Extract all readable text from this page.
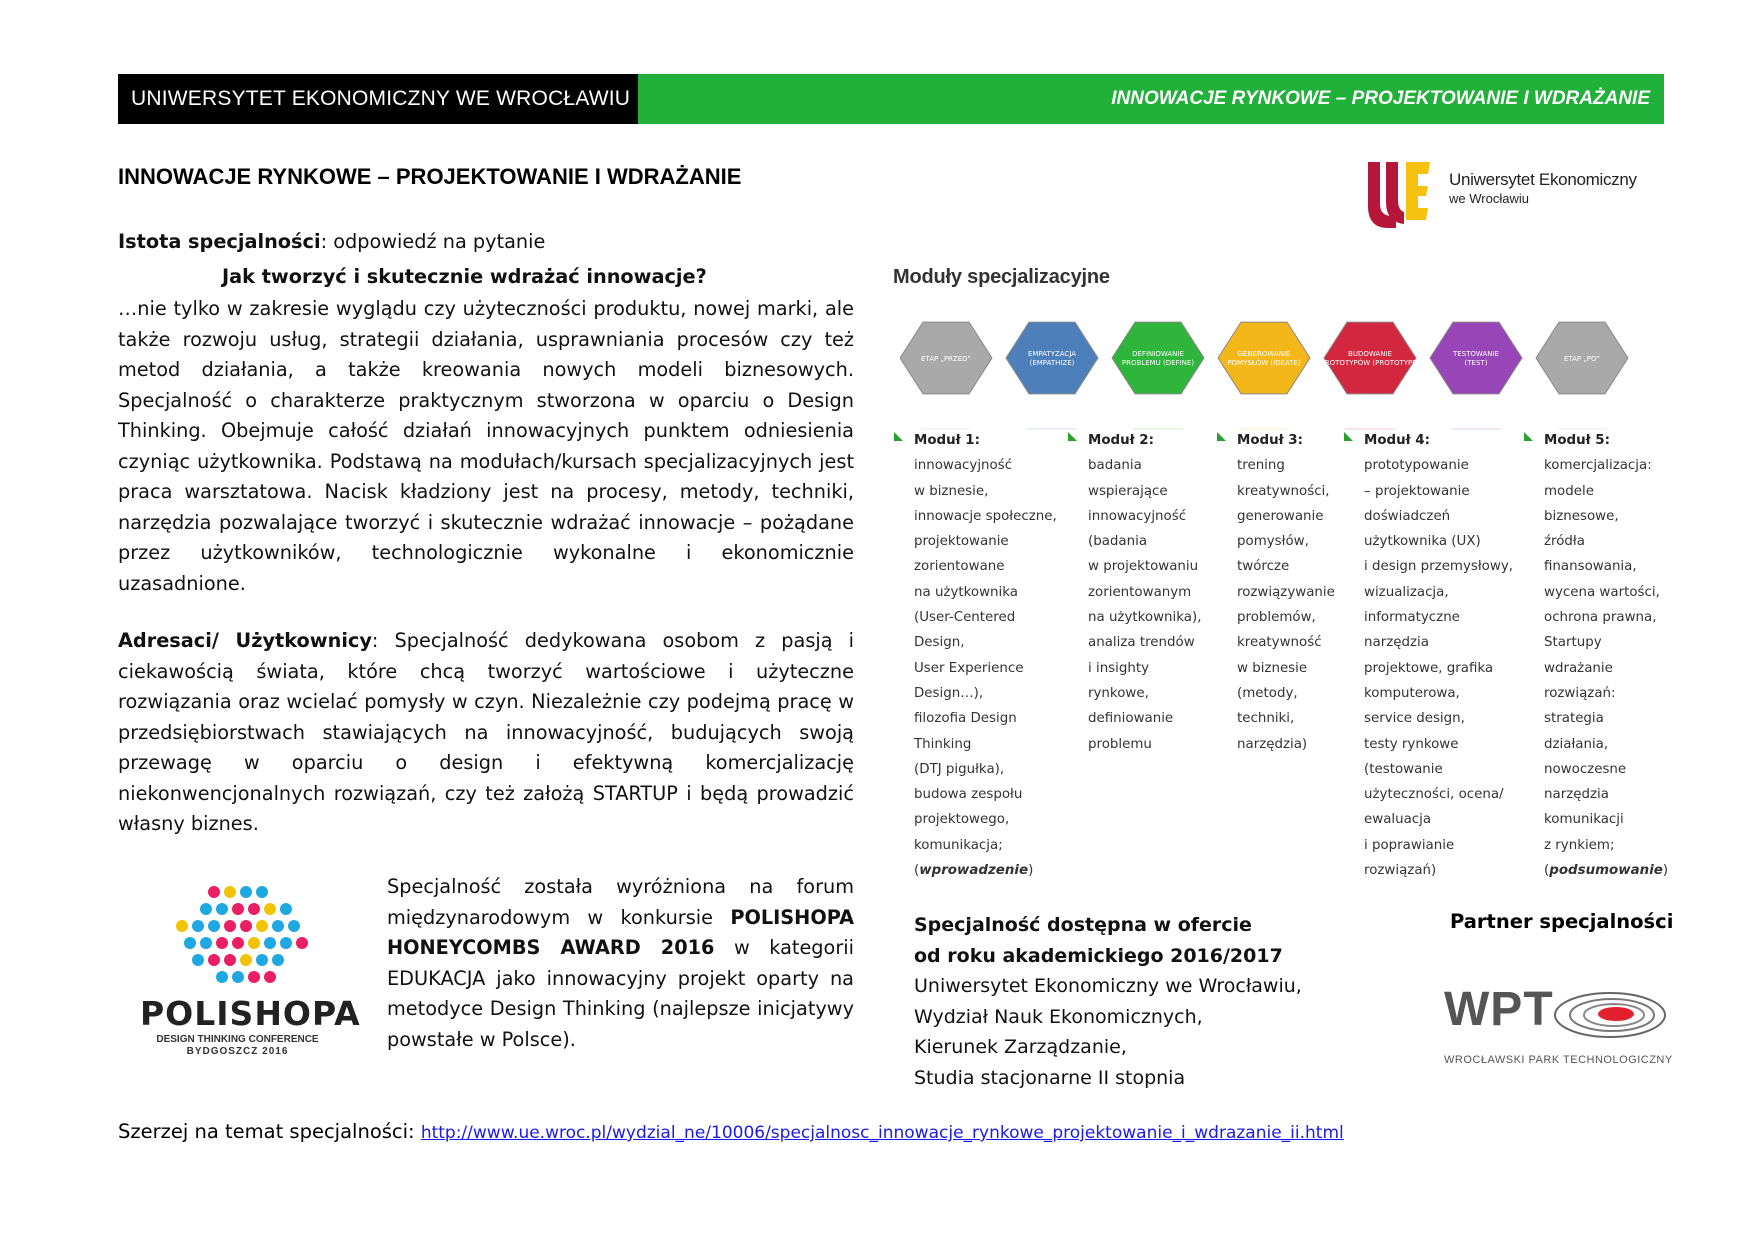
UNIWERSYTET EKONOMICZNY WE WROCŁAWIU	INNOWACJE RYNKOWE – PROJEKTOWANIE I WDRAŻANIE
INNOWACJE RYNKOWE – PROJEKTOWANIE I WDRAŻANIE	Uniwersytet Ekonomiczny
we Wrocławiu
Istota specjalności: odpowiedź na pytanie
Jak tworzyć i skutecznie wdrażać innowacje?
…nie tylko w zakresie wyglądu czy użyteczności produktu, nowej marki, ale także rozwoju usług, strategii działania, usprawniania procesów czy też metod działania, a także kreowania nowych modeli biznesowych. Specjalność o charakterze praktycznym stworzona w oparciu o Design Thinking. Obejmuje całość działań innowacyjnych punktem odniesienia czyniąc użytkownika. Podstawą na modułach/kursach specjalizacyjnych jest praca warsztatowa. Nacisk kładziony jest na procesy, metody, techniki, narzędzia pozwalające tworzyć i skutecznie wdrażać innowacje – pożądane przez użytkowników, technologicznie wykonalne i ekonomicznie uzasadnione.
Adresaci/ Użytkownicy: Specjalność dedykowana osobom z pasją i ciekawością świata, które chcą tworzyć wartościowe i użyteczne rozwiązania oraz wcielać pomysły w czyn. Niezależnie czy podejmą pracę w przedsiębiorstwach stawiających na innowacyjność, budujących swoją przewagę w oparciu o design i efektywną komercjalizację niekonwencjonalnych rozwiązań, czy też założą STARTUP i będą prowadzić własny biznes.
Moduły specjalizacyjne
ETAP „PRZED”
EMPATYZACJA
(EMPATHIZE)
DEFINIOWANIE
PROBLEMU (DEFINE)
GENEROWANIE
POMYSŁÓW (IDEATE)
BUDOWANIE
PROTOTYPÓW (PROTOTYPE)
TESTOWANIE
(TEST)	ETAP „PO”
Moduł 1:
innowacyjność
w biznesie,
innowacje społeczne,
projektowanie
zorientowane
na użytkownika
(User-Centered
Design,
User Experience
Design…),
filozofia Design
Thinking
(DTJ pigułka),
budowa zespołu
projektowego,
komunikacja;
(wprowadzenie)
Moduł 2:
badania
wspierające
innowacyjność
(badania
w projektowaniu
zorientowanym
na użytkownika),
analiza trendów
i insighty
rynkowe,
definiowanie
problemu
Moduł 3:
trening
kreatywności,
generowanie
pomysłów,
twórcze
rozwiązywanie
problemów,
kreatywność
w biznesie
(metody,
techniki,
narzędzia)
Moduł 4:
prototypowanie
– projektowanie
doświadczeń
użytkownika (UX)
i design przemysłowy,
wizualizacja,
informatyczne
narzędzia
projektowe, grafika
komputerowa,
service design,
testy rynkowe
(testowanie
użyteczności, ocena/
ewaluacja
i poprawianie
rozwiązań)
Moduł 5:
komercjalizacja:
modele
biznesowe,
źródła
finansowania,
wycena wartości,
ochrona prawna,
Startupy
wdrażanie
rozwiązań:
strategia
działania,
nowoczesne
narzędzia
komunikacji
z rynkiem;
(podsumowanie)
POLISHOPA
DESIGN THINKING CONFERENCE
BYDGOSZCZ 2016
Specjalność została wyróżniona na forum międzynarodowym w konkursie POLISHOPA HONEYCOMBS AWARD 2016 w kategorii EDUKACJA jako innowacyjny projekt oparty na metodyce Design Thinking (najlepsze inicjatywy powstałe w Polsce).
Specjalność dostępna w ofercie
od roku akademickiego 2016/2017
Uniwersytet Ekonomiczny we Wrocławiu,
Wydział Nauk Ekonomicznych,
Kierunek Zarządzanie,
Studia stacjonarne II stopnia
Partner specjalności
WPT
WROCŁAWSKI PARK TECHNOLOGICZNY
Szerzej na temat specjalności: http://www.ue.wroc.pl/wydzial_ne/10006/specjalnosc_innowacje_rynkowe_projektowanie_i_wdrazanie_ii.html
